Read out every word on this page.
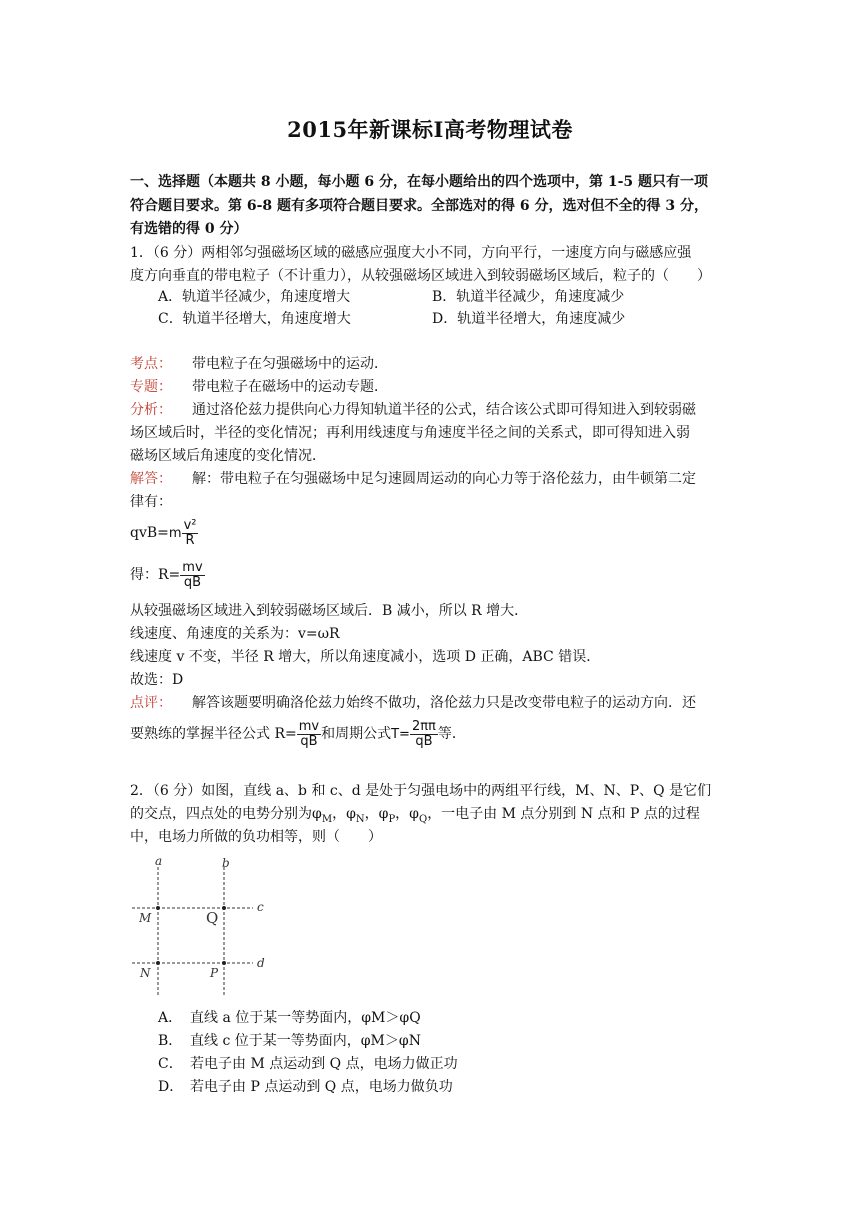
2015年新课标I高考物理试卷
一、选择题（本题共 8 小题，每小题 6 分，在每小题给出的四个选项中，第 1-5 题只有一项
符合题目要求。第 6-8 题有多项符合题目要求。全部选对的得 6 分，选对但不全的得 3 分，
有选错的得 0 分）
1．（6 分）两相邻匀强磁场区域的磁感应强度大小不同，方向平行，一速度方向与磁感应强
度方向垂直的带电粒子（不计重力），从较强磁场区域进入到较弱磁场区域后，粒子的（　　）
A．轨道半径减少，角速度增大	B．轨道半径减少，角速度减少
C．轨道半径增大，角速度增大	D．轨道半径增大，角速度减少
考点： 带电粒子在匀强磁场中的运动．
专题： 带电粒子在磁场中的运动专题．
分析： 通过洛伦兹力提供向心力得知轨道半径的公式，结合该公式即可得知进入到较弱磁
场区域后时，半径的变化情况；再利用线速度与角速度半径之间的关系式，即可得知进入弱
磁场区域后角速度的变化情况．
解答： 解：带电粒子在匀强磁场中足匀速圆周运动的向心力等于洛伦兹力，由牛顿第二定
律有：
$qvB=m \frac{\text{v²}}{R}$
得：$R= \frac{mv}{qB}$
从较强磁场区域进入到较弱磁场区域后．B 减小，所以 R 增大．
线速度、角速度的关系为：v=ωR
线速度 v 不变，半径 R 增大，所以角速度减小，选项 D 正确，ABC 错误．
故选：D
点评： 解答该题要明确洛伦兹力始终不做功，洛伦兹力只是改变带电粒子的运动方向．还
要熟练的掌握半径公式 $R= \frac{mv}{qB}$ 和周期公式$T= \frac{2\pi\pi}{qB}$ 等．
2．（6 分）如图，直线 a、b 和 c、d 是处于匀强电场中的两组平行线，M、N、P、Q 是它们
的交点，四点处的电势分别为$\varphi_M$，$\varphi_N$，$\varphi_P$，$\varphi_Q$，一电子由 M 点分别到 N 点和 P 点的过程
中，电场力所做的负功相等，则（　　）
a	b
c
d
M	Q
N	P
A． 直线 a 位于某一等势面内，φM＞φQ
B． 直线 c 位于某一等势面内，φM＞φN
C． 若电子由 M 点运动到 Q 点，电场力做正功
D． 若电子由 P 点运动到 Q 点，电场力做负功
